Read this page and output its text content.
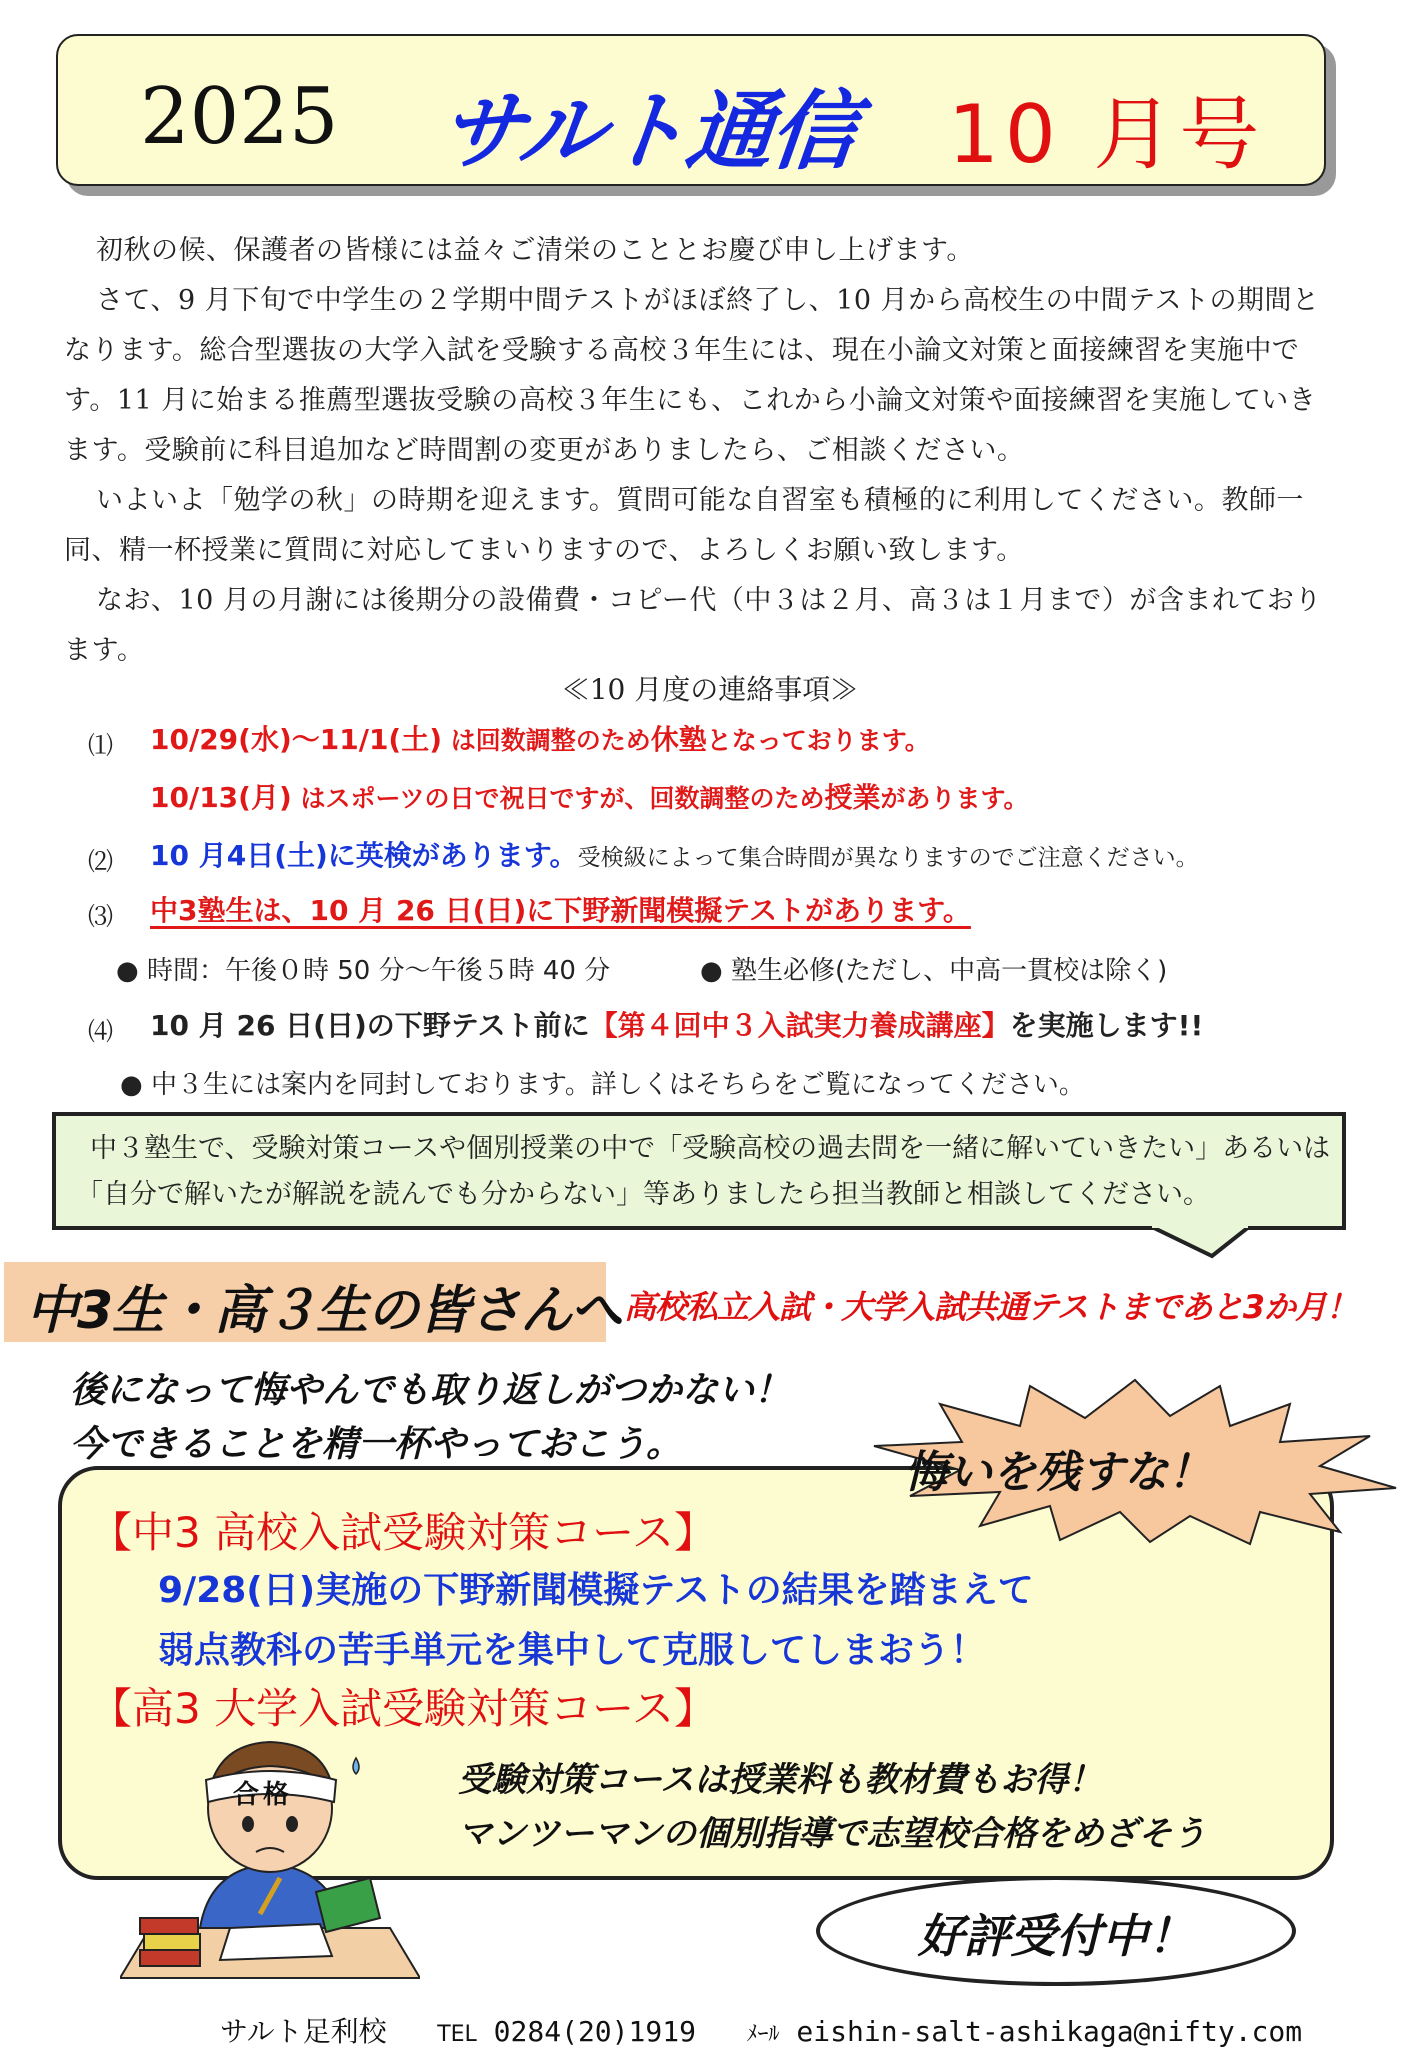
2025 サルト通信 10 月号
初秋の候、保護者の皆様には益々ご清栄のこととお慶び申し上げます。
さて、9 月下旬で中学生の２学期中間テストがほぼ終了し、10 月から高校生の中間テストの期間となります。総合型選抜の大学入試を受験する高校３年生には、現在小論文対策と面接練習を実施中です。11 月に始まる推薦型選抜受験の高校３年生にも、これから小論文対策や面接練習を実施していきます。受験前に科目追加など時間割の変更がありましたら、ご相談ください。
いよいよ「勉学の秋」の時期を迎えます。質問可能な自習室も積極的に利用してください。教師一同、精一杯授業に質問に対応してまいりますので、よろしくお願い致します。
なお、10 月の月謝には後期分の設備費・コピー代（中３は２月、高３は１月まで）が含まれております。
≪10 月度の連絡事項≫
⑴ 10/29(水)～11/1(土) は回数調整のため休塾となっております。
10/13(月) はスポーツの日で祝日ですが、回数調整のため授業があります。
⑵ 10 月4日(土)に英検があります。受検級によって集合時間が異なりますのでご注意ください。
⑶ 中3塾生は、10 月 26 日(日)に下野新聞模擬テストがあります。
● 時間：午後０時 50 分～午後５時 40 分	● 塾生必修(ただし、中高一貫校は除く)
⑷ 10 月 26 日(日)の下野テスト前に【第４回中３入試実力養成講座】を実施します!!
● 中３生には案内を同封しております。詳しくはそちらをご覧になってください。
中３塾生で、受験対策コースや個別授業の中で「受験高校の過去問を一緒に解いていきたい」あるいは「自分で解いたが解説を読んでも分からない」等ありましたら担当教師と相談してください。
中3生・高３生の皆さんへ 高校私立入試・大学入試共通テストまであと3か月！
後になって悔やんでも取り返しがつかない！
今できることを精一杯やっておこう。
悔いを残すな！
【中3 高校入試受験対策コース】
9/28(日)実施の下野新聞模擬テストの結果を踏まえて
弱点教科の苦手単元を集中して克服してしまおう！
【高3 大学入試受験対策コース】
受験対策コースは授業料も教材費もお得！
マンツーマンの個別指導で志望校合格をめざそう
合格
好評受付中！
サルト足利校 TEL 0284(20)1919 ﾒｰﾙ eishin-salt-ashikaga@nifty.com
